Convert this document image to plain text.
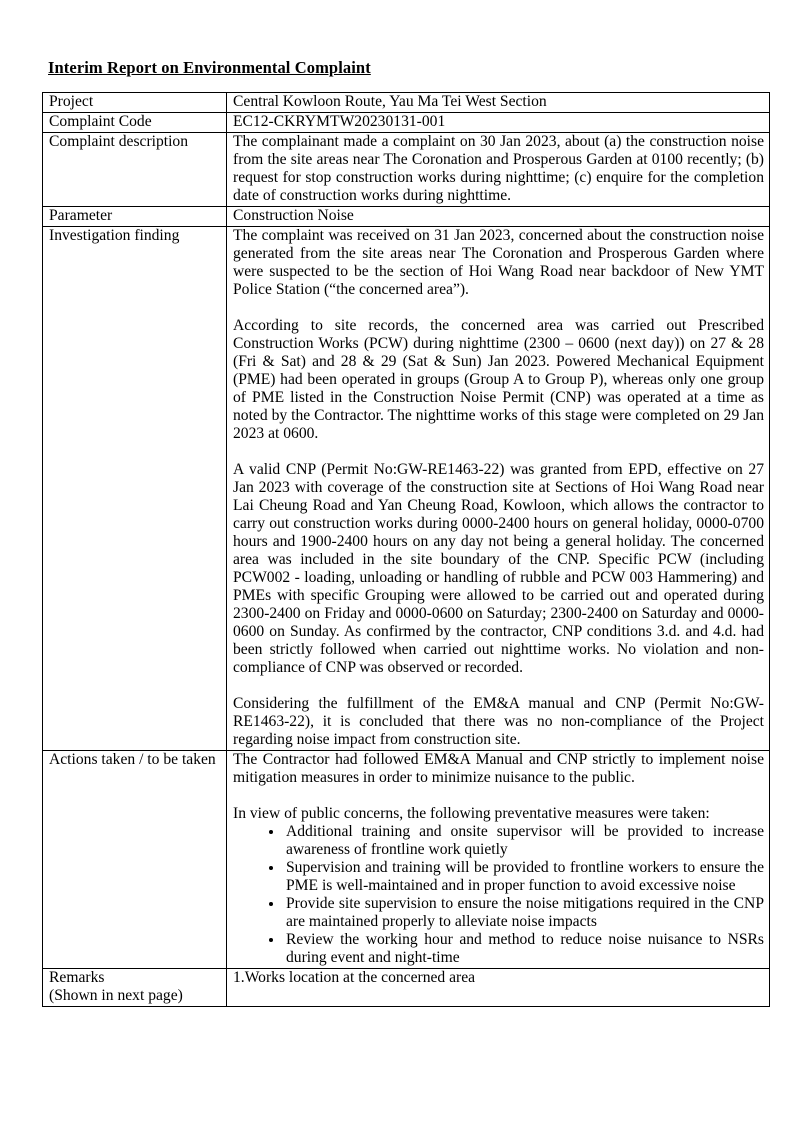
Interim Report on Environmental Complaint
Project	Central Kowloon Route, Yau Ma Tei West Section

Complaint Code	EC12-CKRYMTW20230131-001

Complaint description	The complainant made a complaint on 30 Jan 2023, about (a) the construction noise from the site areas near The Coronation and Prosperous Garden at 0100 recently; (b) request for stop construction works during nighttime; (c) enquire for the completion date of construction works during nighttime.

Parameter	Construction Noise

Investigation finding	The complaint was received on 31 Jan 2023, concerned about the construction noise generated from the site areas near The Coronation and Prosperous Garden where were suspected to be the section of Hoi Wang Road near backdoor of New YMT Police Station (“the concerned area”).
According to site records, the concerned area was carried out Prescribed Construction Works (PCW) during nighttime (2300 – 0600 (next day)) on 27 & 28 (Fri & Sat) and 28 & 29 (Sat & Sun) Jan 2023. Powered Mechanical Equipment (PME) had been operated in groups (Group A to Group P), whereas only one group of PME listed in the Construction Noise Permit (CNP) was operated at a time as noted by the Contractor. The nighttime works of this stage were completed on 29 Jan 2023 at 0600.
A valid CNP (Permit No:GW-RE1463-22) was granted from EPD, effective on 27 Jan 2023 with coverage of the construction site at Sections of Hoi Wang Road near Lai Cheung Road and Yan Cheung Road, Kowloon, which allows the contractor to carry out construction works during 0000-2400 hours on general holiday, 0000-0700 hours and 1900-2400 hours on any day not being a general holiday. The concerned area was included in the site boundary of the CNP. Specific PCW (including PCW002 - loading, unloading or handling of rubble and PCW 003 Hammering) and PMEs with specific Grouping were allowed to be carried out and operated during 2300-2400 on Friday and 0000-0600 on Saturday; 2300-2400 on Saturday and 0000-0600 on Sunday. As confirmed by the contractor, CNP conditions 3.d. and 4.d. had been strictly followed when carried out nighttime works. No violation and non-compliance of CNP was observed or recorded.
Considering the fulfillment of the EM&A manual and CNP (Permit No:GW-RE1463-22), it is concluded that there was no non-compliance of the Project regarding noise impact from construction site.

Actions taken / to be taken	The Contractor had followed EM&A Manual and CNP strictly to implement noise mitigation measures in order to minimize nuisance to the public.
In view of public concerns, the following preventative measures were taken:
• Additional training and onsite supervisor will be provided to increase awareness of frontline work quietly
• Supervision and training will be provided to frontline workers to ensure the PME is well-maintained and in proper function to avoid excessive noise
• Provide site supervision to ensure the noise mitigations required in the CNP are maintained properly to alleviate noise impacts
• Review the working hour and method to reduce noise nuisance to NSRs during event and night-time

Remarks
(Shown in next page)	1.Works location at the concerned area
